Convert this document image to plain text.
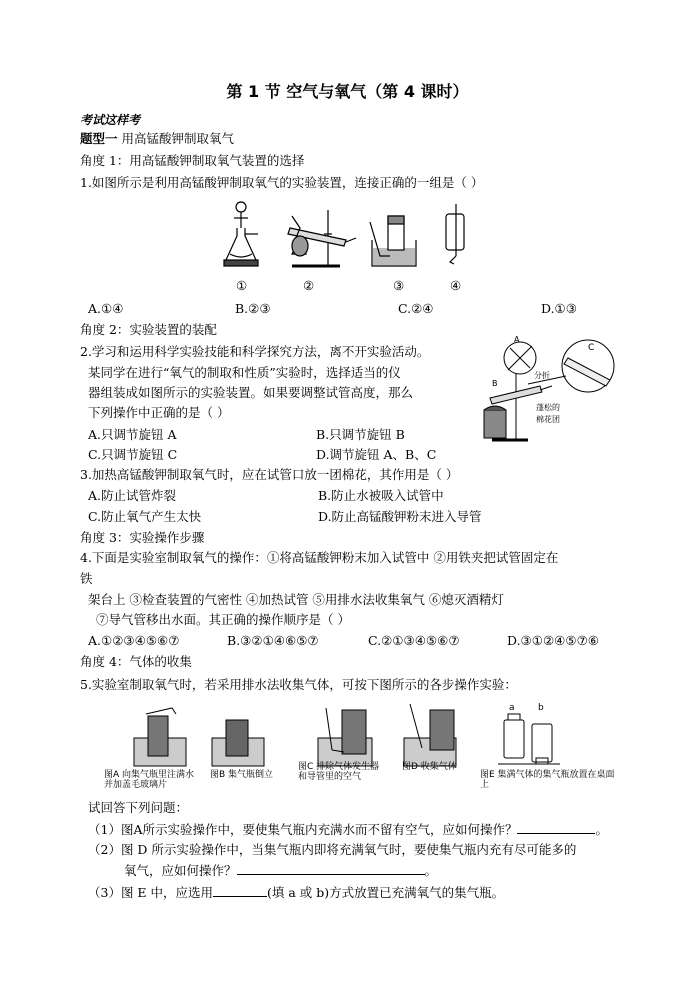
第 1 节 空气与氧气（第 4 课时）
考试这样考
题型一 用高锰酸钾制取氧气
角度 1：用高锰酸钾制取氧气装置的选择
1.如图所示是利用高锰酸钾制取氧气的实验装置，连接正确的一组是（ ）
①	②	③	④
A.①④	B.②③	C.②④	D.①③
角度 2：实验装置的装配
2.学习和运用科学实验技能和科学探究方法，离不开实验活动。
某同学在进行“氧气的制取和性质”实验时，选择适当的仪
器组装成如图所示的实验装置。如果要调整试管高度，那么
下列操作中正确的是（ ）
A.只调节旋钮 A	B.只调节旋钮 B
C.只调节旋钮 C	D.调节旋钮 A、B、C
C
A
B
分折
蓬松的
棉花团
3.加热高锰酸钾制取氧气时，应在试管口放一团棉花，其作用是（ ）
A.防止试管炸裂	B.防止水被吸入试管中
C.防止氧气产生太快	D.防止高锰酸钾粉末进入导管
角度 3：实验操作步骤
4.下面是实验室制取氧气的操作：①将高锰酸钾粉末加入试管中 ②用铁夹把试管固定在
铁
架台上 ③检查装置的气密性 ④加热试管 ⑤用排水法收集氧气 ⑥熄灭酒精灯
⑦导气管移出水面。其正确的操作顺序是（ ）
A.①②③④⑤⑥⑦	B.③②①④⑥⑤⑦	C.②①③④⑤⑥⑦	D.③①②④⑤⑦⑥
角度 4：气体的收集
5.实验室制取氧气时，若采用排水法收集气体，可按下图所示的各步操作实验：
a	b
图A 向集气瓶里注满水并加盖毛玻璃片
图B 集气瓶倒立
图C 排除气体发生器和导管里的空气
图D 收集气体
图E 集满气体的集气瓶放置在桌面上
试回答下列问题：
（1）图A所示实验操作中，要使集气瓶内充满水而不留有空气，应如何操作？	。
（2）图 D 所示实验操作中，当集气瓶内即将充满氧气时，要使集气瓶内充有尽可能多的
氧气，应如何操作？	。
（3）图 E 中，应选用	(填 a 或 b)方式放置已充满氧气的集气瓶。
